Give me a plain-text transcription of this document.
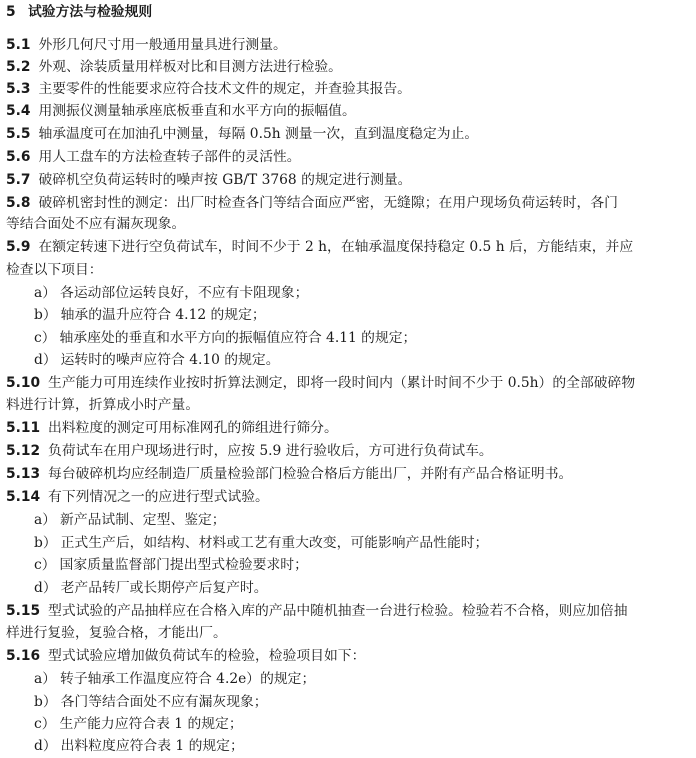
5 试验方法与检验规则
5.1 外形几何尺寸用一般通用量具进行测量。
5.2 外观、涂装质量用样板对比和目测方法进行检验。
5.3 主要零件的性能要求应符合技术文件的规定，并查验其报告。
5.4 用测振仪测量轴承座底板垂直和水平方向的振幅值。
5.5 轴承温度可在加油孔中测量，每隔 0.5h 测量一次，直到温度稳定为止。
5.6 用人工盘车的方法检查转子部件的灵活性。
5.7 破碎机空负荷运转时的噪声按 GB/T 3768 的规定进行测量。
5.8 破碎机密封性的测定：出厂时检查各门等结合面应严密，无缝隙；在用户现场负荷运转时，各门
等结合面处不应有漏灰现象。
5.9 在额定转速下进行空负荷试车，时间不少于 2 h，在轴承温度保持稳定 0.5 h 后，方能结束，并应
检查以下项目：
a） 各运动部位运转良好，不应有卡阻现象；
b） 轴承的温升应符合 4.12 的规定；
c） 轴承座处的垂直和水平方向的振幅值应符合 4.11 的规定；
d） 运转时的噪声应符合 4.10 的规定。
5.10 生产能力可用连续作业按时折算法测定，即将一段时间内（累计时间不少于 0.5h）的全部破碎物
料进行计算，折算成小时产量。
5.11 出料粒度的测定可用标准网孔的筛组进行筛分。
5.12 负荷试车在用户现场进行时，应按 5.9 进行验收后，方可进行负荷试车。
5.13 每台破碎机均应经制造厂质量检验部门检验合格后方能出厂，并附有产品合格证明书。
5.14 有下列情况之一的应进行型式试验。
a） 新产品试制、定型、鉴定；
b） 正式生产后，如结构、材料或工艺有重大改变，可能影响产品性能时；
c） 国家质量监督部门提出型式检验要求时；
d） 老产品转厂或长期停产后复产时。
5.15 型式试验的产品抽样应在合格入库的产品中随机抽查一台进行检验。检验若不合格，则应加倍抽
样进行复验，复验合格，才能出厂。
5.16 型式试验应增加做负荷试车的检验，检验项目如下：
a） 转子轴承工作温度应符合 4.2e）的规定；
b） 各门等结合面处不应有漏灰现象；
c） 生产能力应符合表 1 的规定；
d） 出料粒度应符合表 1 的规定；
